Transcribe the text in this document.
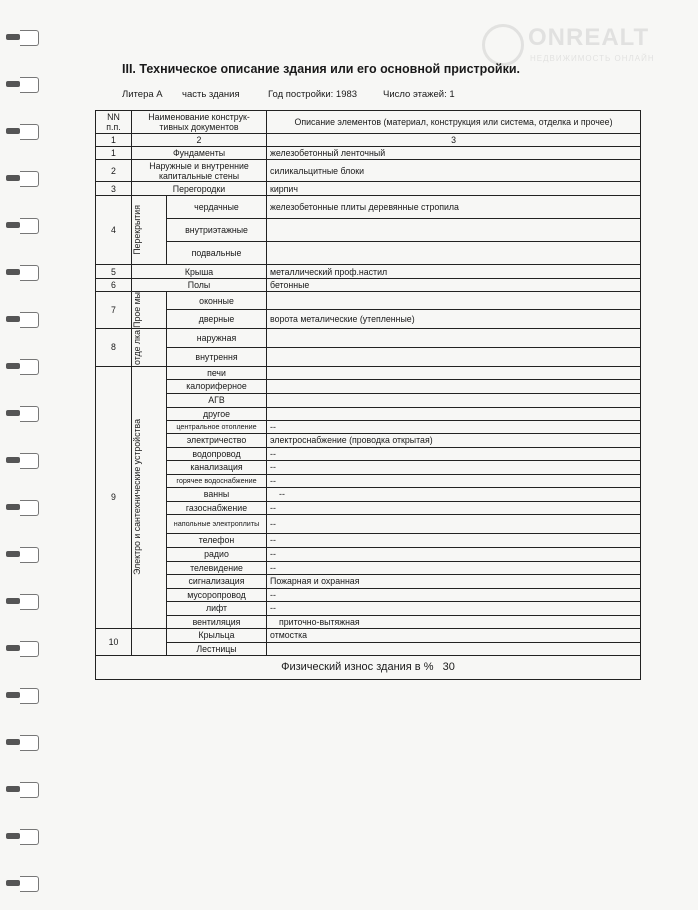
ONREALT
НЕДВИЖИМОСТЬ ОНЛАЙН
III. Техническое описание здания или его основной пристройки.
Литера А часть здания	Год постройки: 1983	Число этажей: 1
NN п.п.	Наименование конструк-тивных документов		Описание элементов (материал, конструкция или система, отделка и прочее)
1	2		3
1	Фундаменты		железобетонный ленточный
2	Наружные и внутренние капитальные стены		силикальцитные блоки
3	Перегородки		кирпич
4	Перекрытия	чердачные	железобетонные плиты деревянные стропила
		внутриэтажные	
		подвальные	
5	Крыша		металлический проф.настил
6	Полы		бетонные
7	Прое мы	оконные	
		дверные	ворота металические (утепленные)
8	отде лка	наружная	
		внутрення	
9	Электро и сантехнические устройства	печи	
		калориферное	
		АГВ	
		другое	
		центральное отопление	--
		электричество	электроснабжение (проводка открытая)
		водопровод	--
		канализация	--
		горячее водоснабжение	--
		ванны	--
		газоснабжение	--
		напольные электроплиты	--
		телефон	--
		радио	--
		телевидение	--
		сигнализация	Пожарная и охранная
		мусоропровод	--
		лифт	--
		вентиляция	приточно-вытяжная
10		Крыльца	отмостка
		Лестницы	
Физический износ здания в % 30			
